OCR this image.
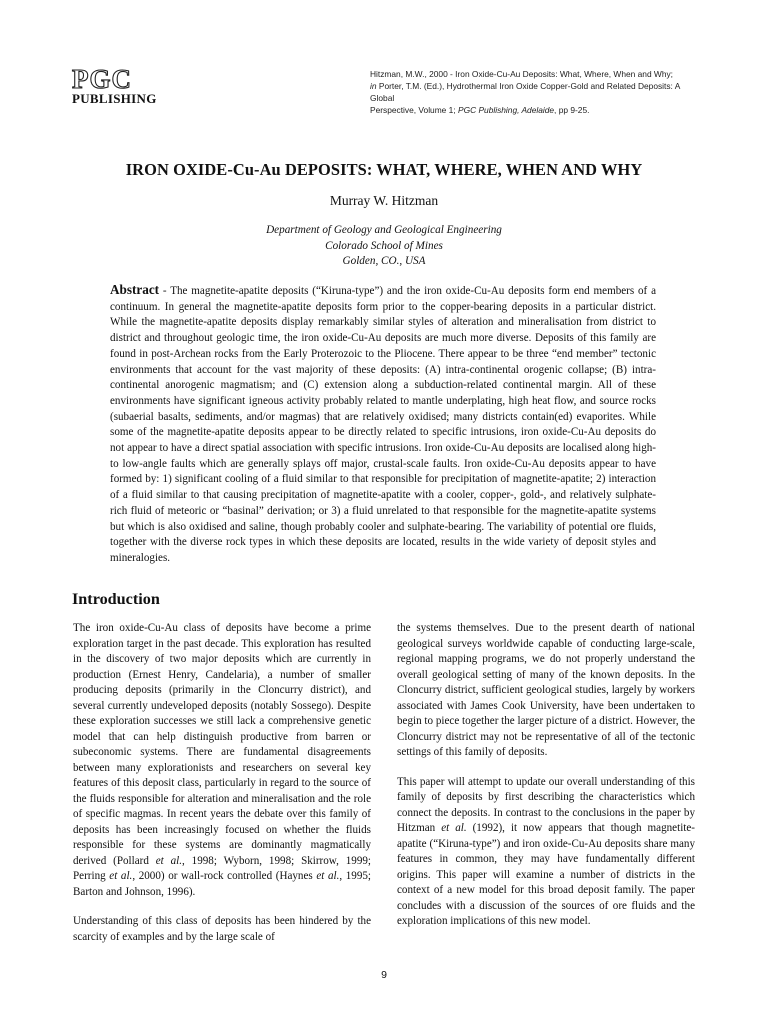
PGC
PUBLISHING
Hitzman, M.W., 2000 - Iron Oxide-Cu-Au Deposits: What, Where, When and Why;
in Porter, T.M. (Ed.), Hydrothermal Iron Oxide Copper-Gold and Related Deposits: A Global
Perspective, Volume 1; PGC Publishing, Adelaide, pp 9-25.
IRON OXIDE-Cu-Au DEPOSITS: WHAT, WHERE, WHEN AND WHY
Murray W. Hitzman
Department of Geology and Geological Engineering
Colorado School of Mines
Golden, CO., USA
Abstract - The magnetite-apatite deposits (“Kiruna-type”) and the iron oxide-Cu-Au deposits form end members of a continuum. In general the magnetite-apatite deposits form prior to the copper-bearing deposits in a particular district. While the magnetite-apatite deposits display remarkably similar styles of alteration and mineralisation from district to district and throughout geologic time, the iron oxide-Cu-Au deposits are much more diverse. Deposits of this family are found in post-Archean rocks from the Early Proterozoic to the Pliocene. There appear to be three “end member” tectonic environments that account for the vast majority of these deposits: (A) intra-continental orogenic collapse; (B) intra-continental anorogenic magmatism; and (C) extension along a subduction-related continental margin. All of these environments have significant igneous activity probably related to mantle underplating, high heat flow, and source rocks (subaerial basalts, sediments, and/or magmas) that are relatively oxidised; many districts contain(ed) evaporites. While some of the magnetite-apatite deposits appear to be directly related to specific intrusions, iron oxide-Cu-Au deposits do not appear to have a direct spatial association with specific intrusions. Iron oxide-Cu-Au deposits are localised along high- to low-angle faults which are generally splays off major, crustal-scale faults. Iron oxide-Cu-Au deposits appear to have formed by: 1) significant cooling of a fluid similar to that responsible for precipitation of magnetite-apatite; 2) interaction of a fluid similar to that causing precipitation of magnetite-apatite with a cooler, copper-, gold-, and relatively sulphate-rich fluid of meteoric or “basinal” derivation; or 3) a fluid unrelated to that responsible for the magnetite-apatite systems but which is also oxidised and saline, though probably cooler and sulphate-bearing. The variability of potential ore fluids, together with the diverse rock types in which these deposits are located, results in the wide variety of deposit styles and mineralogies.
Introduction

The iron oxide-Cu-Au class of deposits have become a prime exploration target in the past decade. This exploration has resulted in the discovery of two major deposits which are currently in production (Ernest Henry, Candelaria), a number of smaller producing deposits (primarily in the Cloncurry district), and several currently undeveloped deposits (notably Sossego). Despite these exploration successes we still lack a comprehensive genetic model that can help distinguish productive from barren or subeconomic systems. There are fundamental disagreements between many explorationists and researchers on several key features of this deposit class, particularly in regard to the source of the fluids responsible for alteration and mineralisation and the role of specific magmas. In recent years the debate over this family of deposits has been increasingly focused on whether the fluids responsible for these systems are dominantly magmatically derived (Pollard et al., 1998; Wyborn, 1998; Skirrow, 1999; Perring et al., 2000) or wall-rock controlled (Haynes et al., 1995; Barton and Johnson, 1996).

Understanding of this class of deposits has been hindered by the scarcity of examples and by the large scale of

the systems themselves. Due to the present dearth of national geological surveys worldwide capable of conducting large-scale, regional mapping programs, we do not properly understand the overall geological setting of many of the known deposits. In the Cloncurry district, sufficient geological studies, largely by workers associated with James Cook University, have been undertaken to begin to piece together the larger picture of a district. However, the Cloncurry district may not be representative of all of the tectonic settings of this family of deposits.

This paper will attempt to update our overall understanding of this family of deposits by first describing the characteristics which connect the deposits. In contrast to the conclusions in the paper by Hitzman et al. (1992), it now appears that though magnetite-apatite (“Kiruna-type”) and iron oxide-Cu-Au deposits share many features in common, they may have fundamentally different origins. This paper will examine a number of districts in the context of a new model for this broad deposit family. The paper concludes with a discussion of the sources of ore fluids and the exploration implications of this new model.

9
